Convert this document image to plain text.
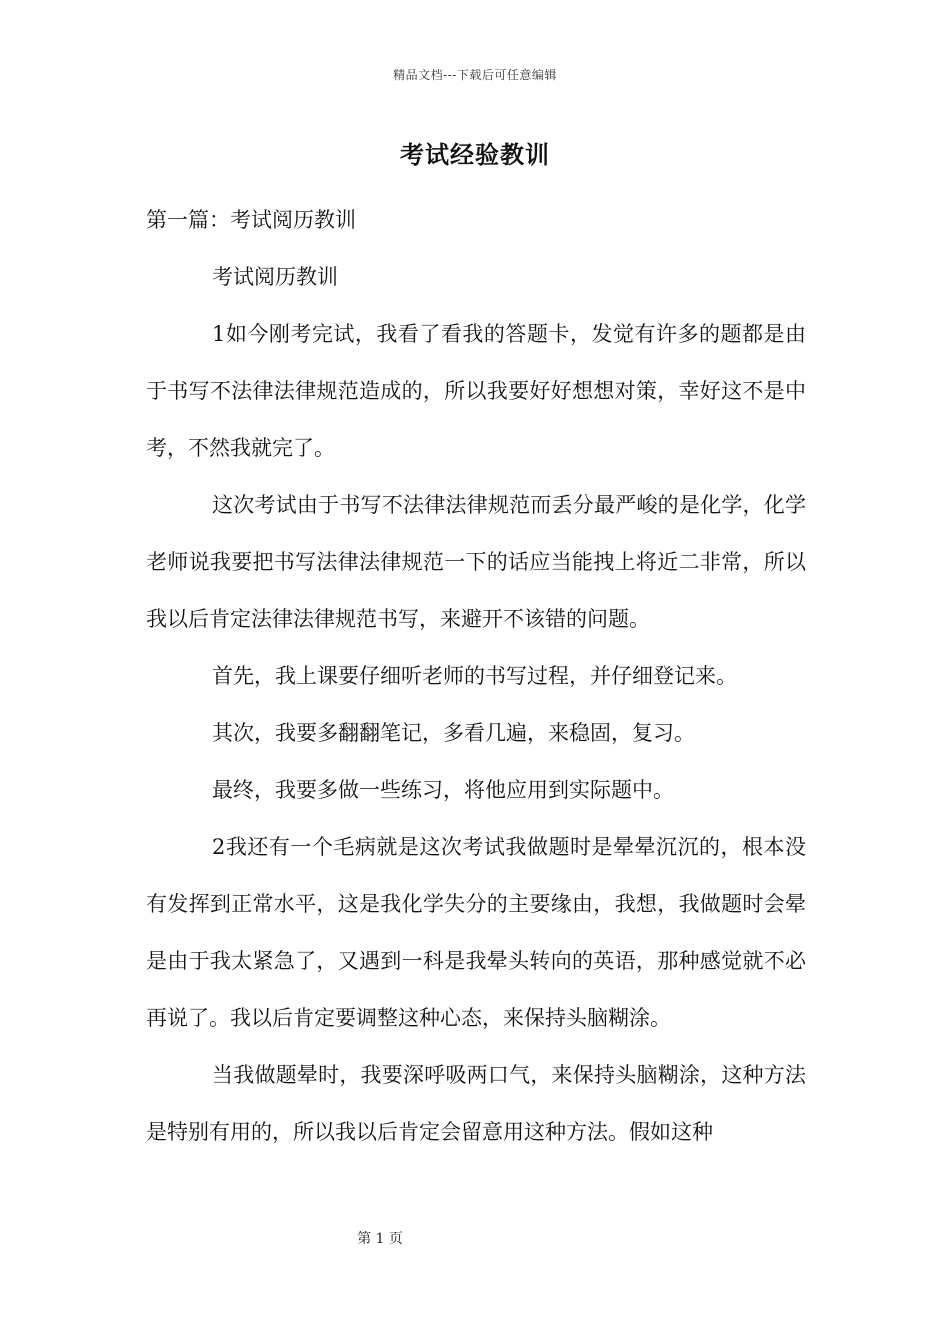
精品文档---下载后可任意编辑
考试经验教训

第一篇：考试阅历教训

考试阅历教训

1如今刚考完试，我看了看我的答题卡，发觉有许多的题都是由于书写不法律法律规范造成的，所以我要好好想想对策，幸好这不是中考，不然我就完了。

这次考试由于书写不法律法律规范而丢分最严峻的是化学，化学老师说我要把书写法律法律规范一下的话应当能拽上将近二非常，所以我以后肯定法律法律规范书写，来避开不该错的问题。

首先，我上课要仔细听老师的书写过程，并仔细登记来。

其次，我要多翻翻笔记，多看几遍，来稳固，复习。

最终，我要多做一些练习，将他应用到实际题中。

2我还有一个毛病就是这次考试我做题时是晕晕沉沉的，根本没有发挥到正常水平，这是我化学失分的主要缘由，我想，我做题时会晕是由于我太紧急了，又遇到一科是我晕头转向的英语，那种感觉就不必再说了。我以后肯定要调整这种心态，来保持头脑糊涂。

当我做题晕时，我要深呼吸两口气，来保持头脑糊涂，这种方法是特别有用的，所以我以后肯定会留意用这种方法。假如这种

第 1 页
